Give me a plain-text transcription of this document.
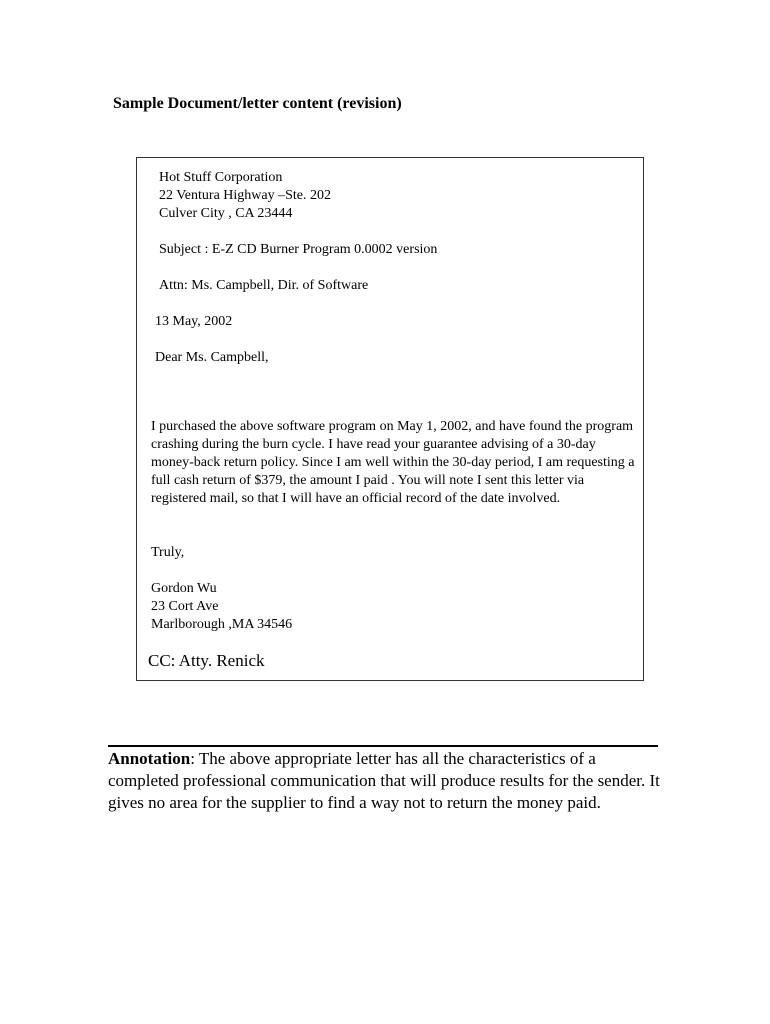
Sample Document/letter content (revision)

Hot Stuff Corporation

22 Ventura Highway –Ste. 202

Culver City , CA 23444

Subject : E-Z CD Burner Program 0.0002 version

Attn: Ms. Campbell, Dir. of Software

13 May, 2002

Dear Ms. Campbell,

I purchased the above software program on May 1, 2002, and have found the program crashing during the burn cycle. I have read your guarantee advising of a 30-day money-back return policy. Since I am well within the 30-day period, I am requesting a full cash return of $379, the amount I paid . You will note I sent this letter via registered mail, so that I will have an official record of the date involved.

Truly,

Gordon Wu

23 Cort Ave

Marlborough ,MA 34546

CC: Atty. Renick

Annotation: The above appropriate letter has all the characteristics of a completed professional communication that will produce results for the sender. It gives no area for the supplier to find a way not to return the money paid.
